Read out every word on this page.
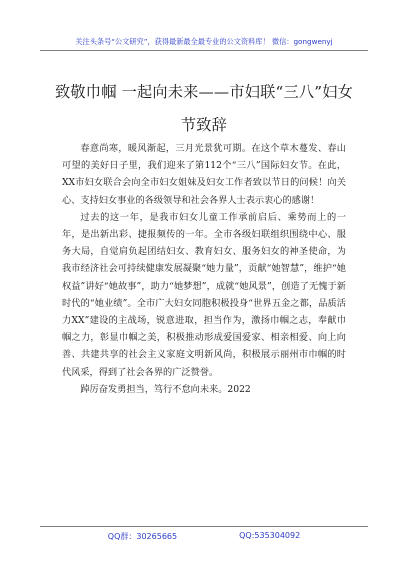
关注头条号“公文研究”，获得最新最全最专业的公文资料库！ 微信：gongwenyj
致敬巾帼 一起向未来——市妇联“三八”妇女节致辞

春意尚寒，暖风渐起，三月光景犹可期。在这个草木蔓发、春山可望的美好日子里，我们迎来了第112个“三八”国际妇女节。在此，XX市妇女联合会向全市妇女姐妹及妇女工作者致以节日的问候！向关心、支持妇女事业的各级领导和社会各界人士表示衷心的感谢！

过去的这一年，是我市妇女儿童工作承前启后、乘势而上的一年，是出新出彩、捷报频传的一年。全市各级妇联组织围绕中心、服务大局，自觉肩负起团结妇女、教育妇女、服务妇女的神圣使命，为我市经济社会可持续健康发展凝聚“她力量”，贡献“她智慧”，维护“她权益”讲好“她故事”，助力“她梦想”，成就“她风景”，创造了无愧于新时代的“她业绩”。全市广大妇女同胞积极投身“世界五金之都，品质活力XX”建设的主战场，锐意进取，担当作为，激扬巾帼之志，奉献巾帼之力，彰显巾帼之美，积极推动形成爱国爱家、相亲相爱、向上向善、共建共享的社会主义家庭文明新风尚，积极展示丽州市巾帼的时代风采，得到了社会各界的广泛赞誉。

踔厉奋发勇担当，笃行不怠向未来。2022

QQ群：30265665	QQ:535304092
